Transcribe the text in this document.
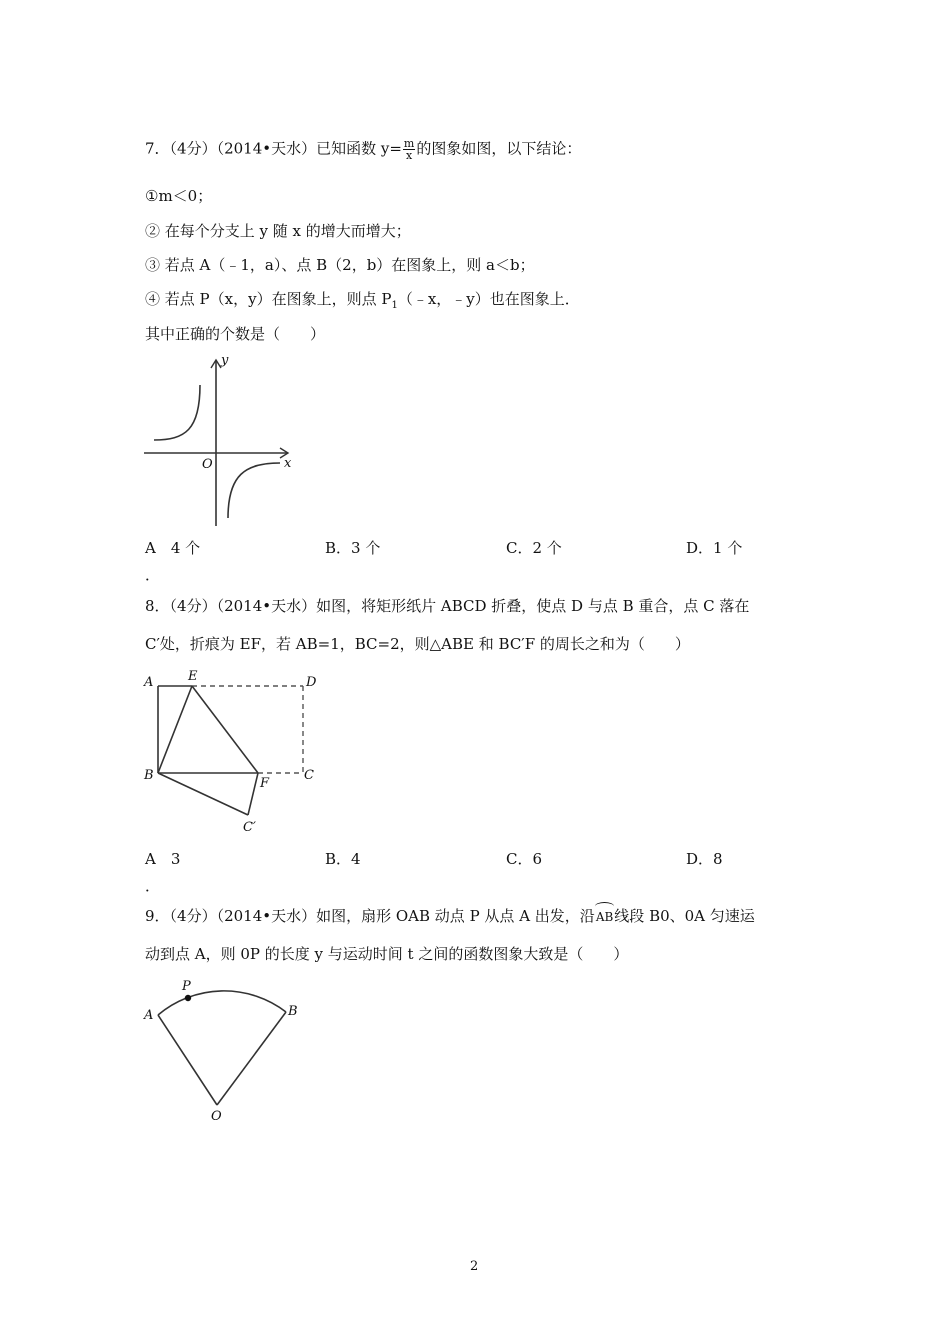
7．（4分）（2014•天水）已知函数 $y= \frac{m}{x}$ 的图象如图，以下结论：
①m＜0；
② 在每个分支上 y 随 x 的增大而增大；
③ 若点 A（﹣1，a）、点 B（2，b）在图象上，则 a＜b；
④ 若点 P（x，y）在图象上，则点 $P_1(﹣x$，﹣y）也在图象上．
其中正确的个数是（　　）
y
x
O
A　4 个	B．3 个	C．2 个	D．1 个
．
8．（4分）（2014•天水）如图，将矩形纸片 ABCD 折叠，使点 D 与点 B 重合，点 C 落在
C′处，折痕为 EF，若 AB=1，BC=2，则△ABE 和 BC′F 的周长之和为（　　）
A	E	D
B
F
C
C′
A　3	B．4	C．6	D．8
．
9．（4分）（2014•天水）如图，扇形 OAB 动点 P 从点 A 出发，沿AB线段 B0、0A 匀速运
动到点 A，则 0P 的长度 y 与运动时间 t 之间的函数图象大致是（　　）
A
P
B
O
2
